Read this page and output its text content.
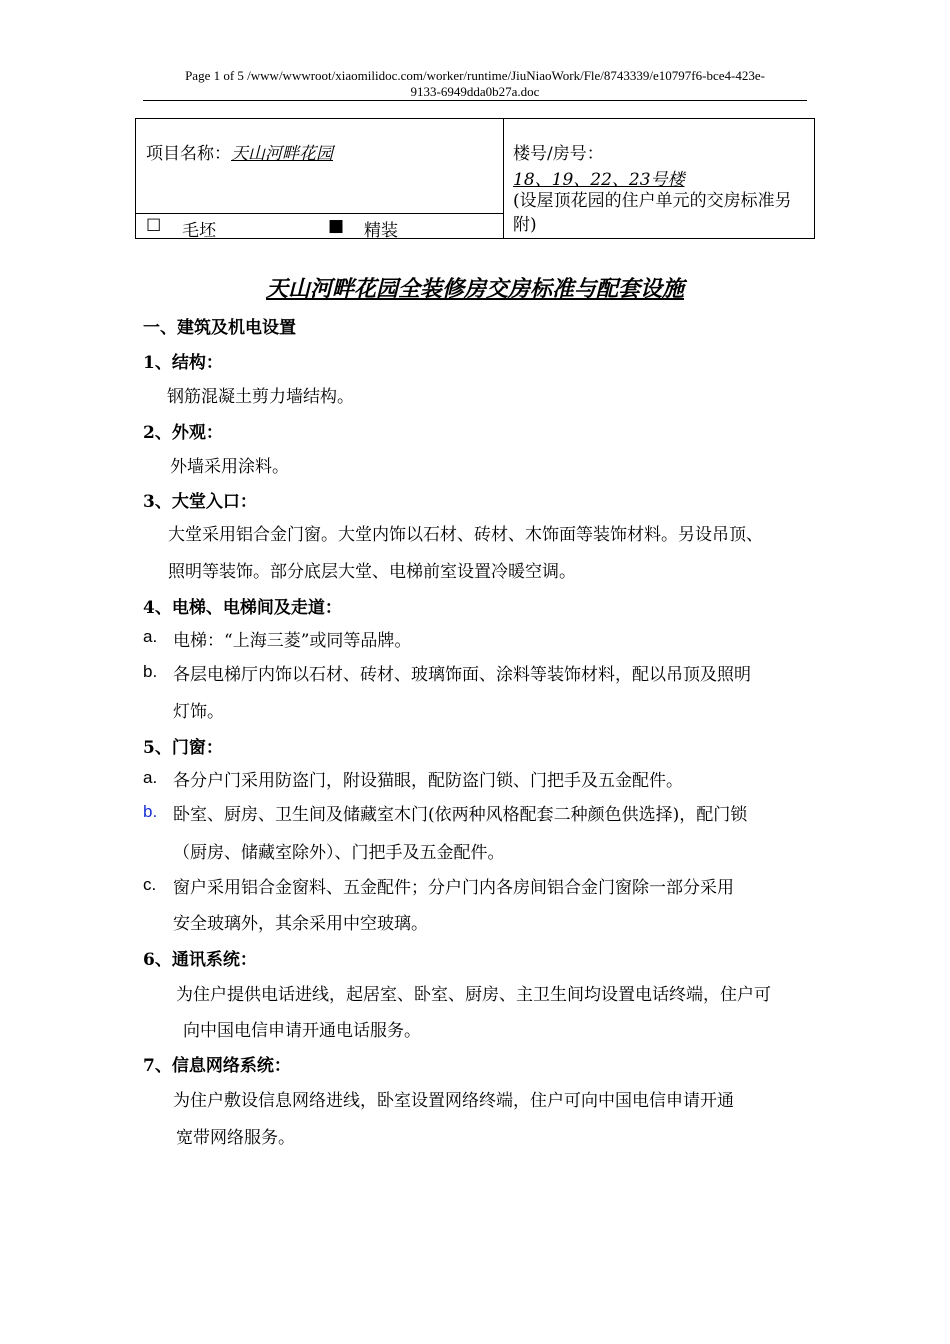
Page 1 of 5 /www/wwwroot/xiaomilidoc.com/worker/runtime/JiuNiaoWork/Fle/8743339/e10797f6-bce4-423e-
9133-6949dda0b27a.doc
项目名称：天山河畔花园
☐ 毛坯	■ 精装
楼号/房号：
18、19、22、23号楼
(设屋顶花园的住户单元的交房标准另附)
天山河畔花园全装修房交房标准与配套设施
一、建筑及机电设置
1、结构：
钢筋混凝土剪力墙结构。
2、外观：
外墙采用涂料。
3、大堂入口：
大堂采用铝合金门窗。大堂内饰以石材、砖材、木饰面等装饰材料。另设吊顶、
照明等装饰。部分底层大堂、电梯前室设置冷暖空调。
4、电梯、电梯间及走道：
a. 电梯：“上海三菱”或同等品牌。
b. 各层电梯厅内饰以石材、砖材、玻璃饰面、涂料等装饰材料，配以吊顶及照明
灯饰。
5、门窗：
a. 各分户门采用防盗门，附设猫眼，配防盗门锁、门把手及五金配件。
b. 卧室、厨房、卫生间及储藏室木门(依两种风格配套二种颜色供选择)，配门锁
（厨房、储藏室除外）、门把手及五金配件。
c. 窗户采用铝合金窗料、五金配件；分户门内各房间铝合金门窗除一部分采用
安全玻璃外，其余采用中空玻璃。
6、通讯系统：
为住户提供电话进线，起居室、卧室、厨房、主卫生间均设置电话终端，住户可
向中国电信申请开通电话服务。
7、信息网络系统：
为住户敷设信息网络进线，卧室设置网络终端，住户可向中国电信申请开通
宽带网络服务。
